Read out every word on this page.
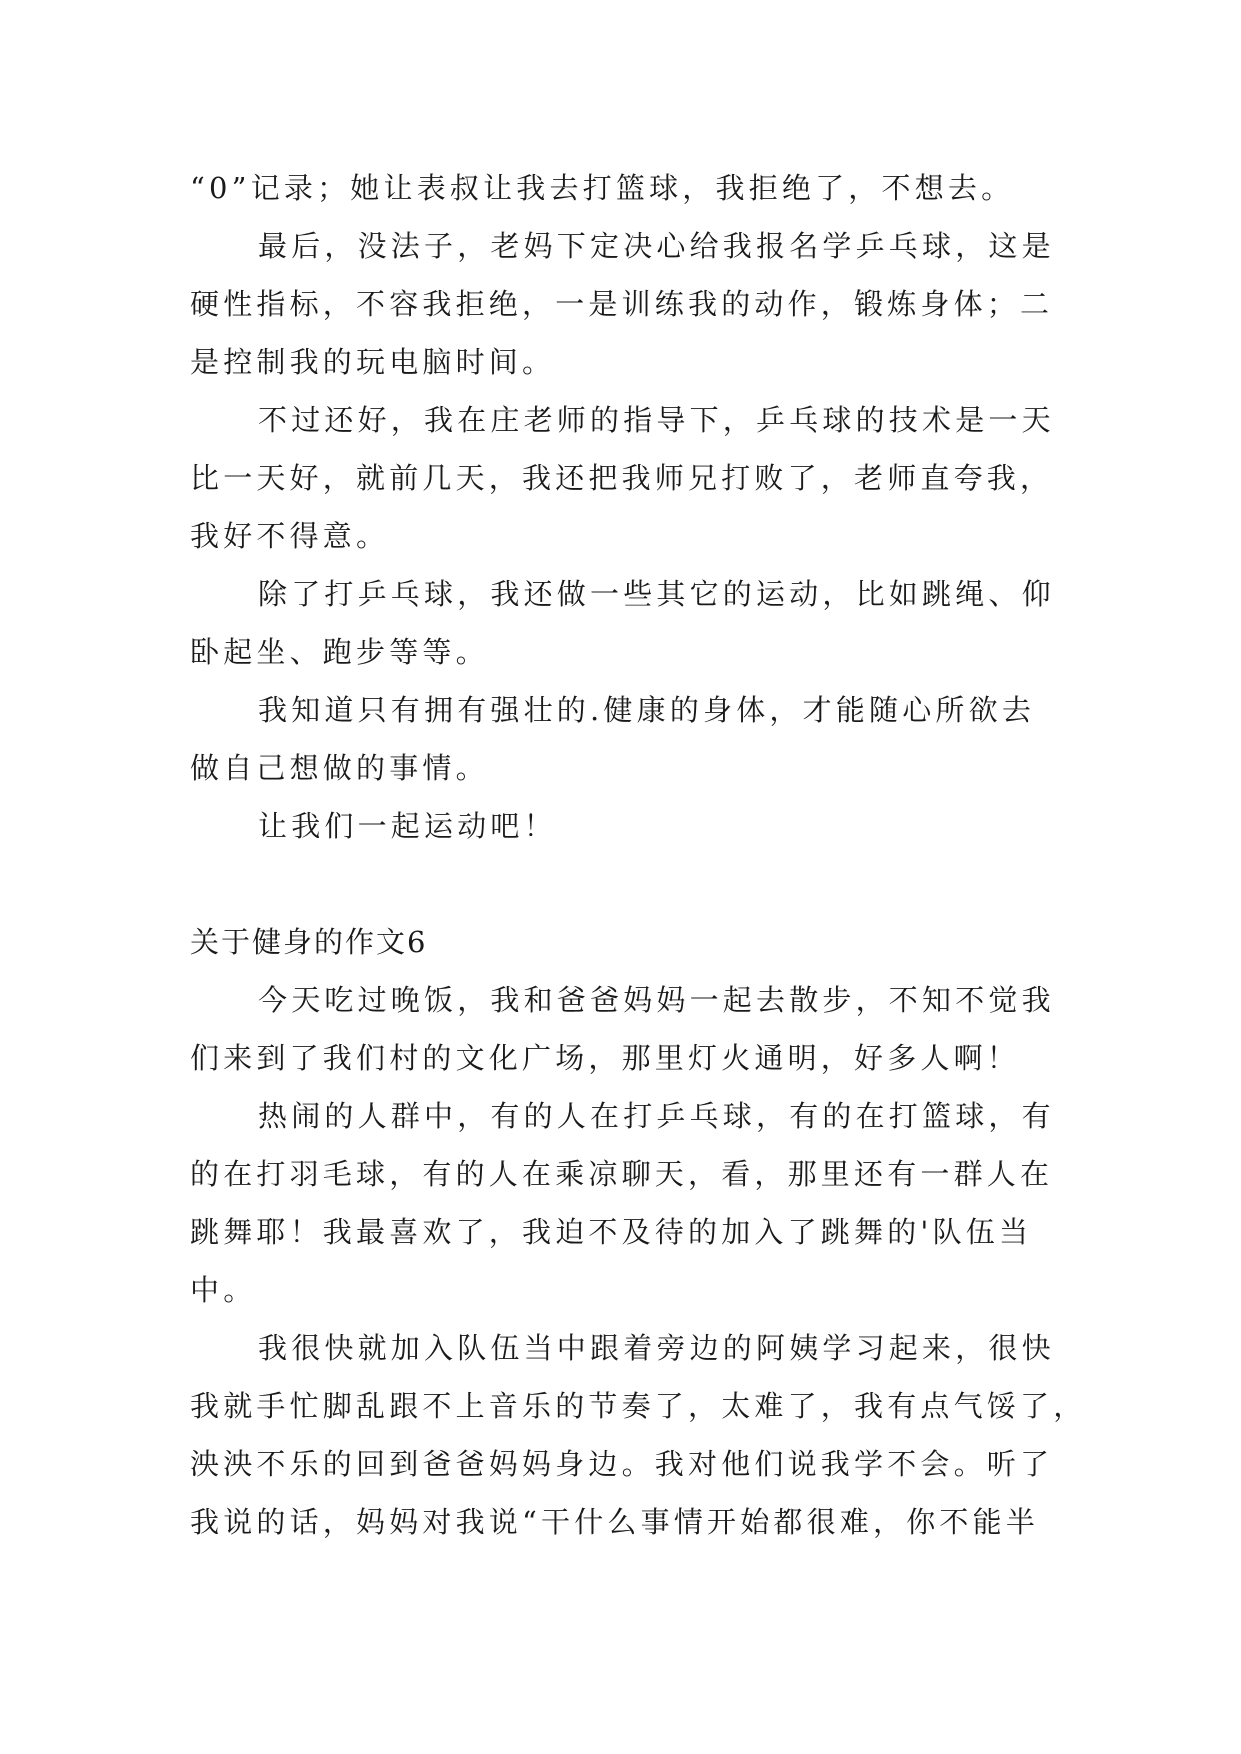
“0”记录；她让表叔让我去打篮球，我拒绝了，不想去。
最后，没法子，老妈下定决心给我报名学乒乓球，这是
硬性指标，不容我拒绝，一是训练我的动作，锻炼身体；二
是控制我的玩电脑时间。
不过还好，我在庄老师的指导下，乒乓球的技术是一天
比一天好，就前几天，我还把我师兄打败了，老师直夸我，
我好不得意。
除了打乒乓球，我还做一些其它的运动，比如跳绳、仰
卧起坐、跑步等等。
我知道只有拥有强壮的.健康的身体，才能随心所欲去
做自己想做的事情。
让我们一起运动吧！
关于健身的作文6
今天吃过晚饭，我和爸爸妈妈一起去散步，不知不觉我
们来到了我们村的文化广场，那里灯火通明，好多人啊！
热闹的人群中，有的人在打乒乓球，有的在打篮球，有
的在打羽毛球，有的人在乘凉聊天，看，那里还有一群人在
跳舞耶！我最喜欢了，我迫不及待的加入了跳舞的'队伍当
中。
我很快就加入队伍当中跟着旁边的阿姨学习起来，很快
我就手忙脚乱跟不上音乐的节奏了，太难了，我有点气馁了，
泱泱不乐的回到爸爸妈妈身边。我对他们说我学不会。听了
我说的话，妈妈对我说“干什么事情开始都很难，你不能半
